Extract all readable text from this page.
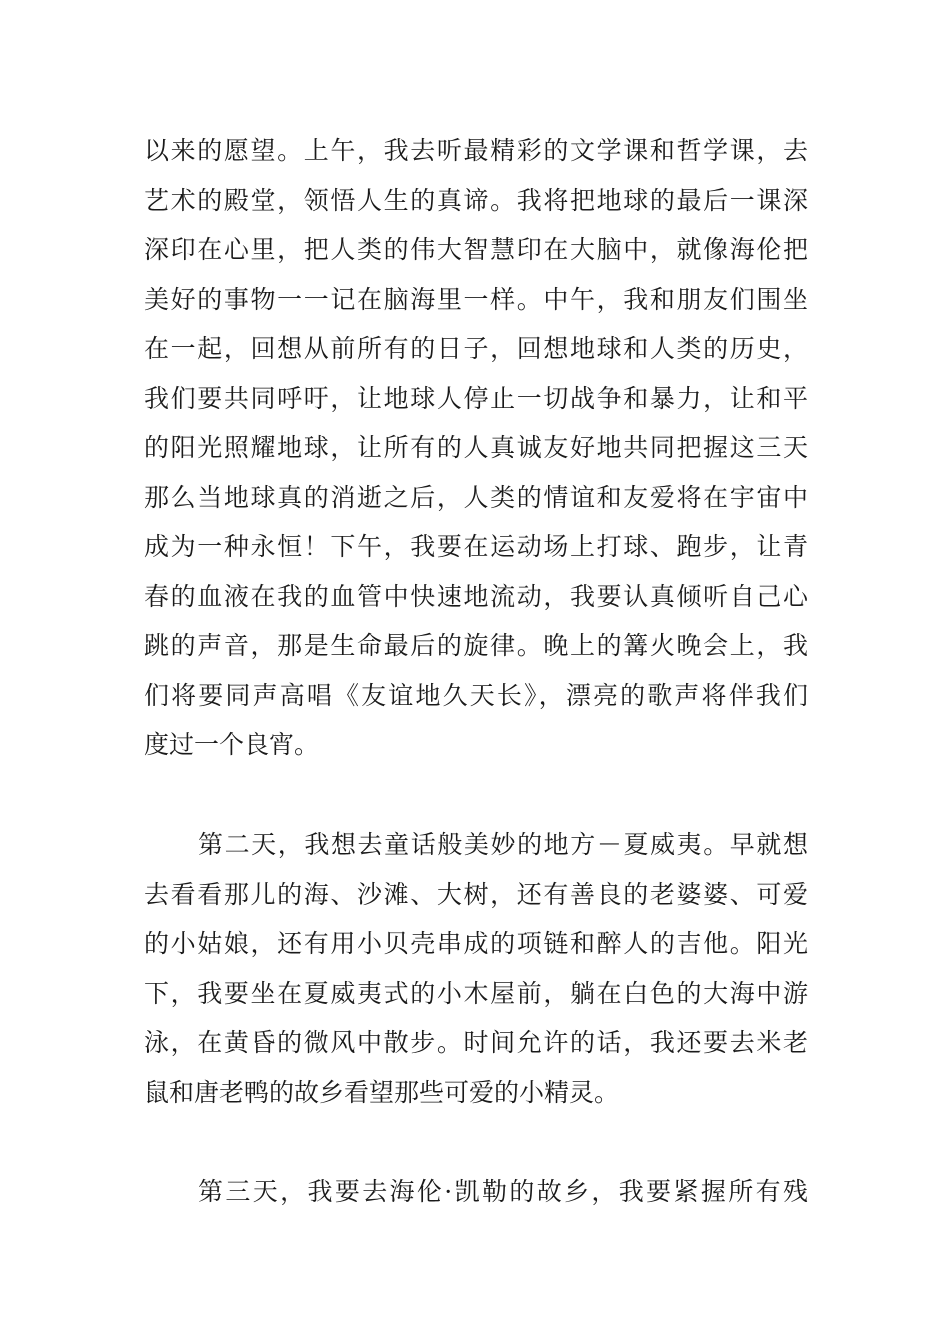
以来的愿望。上午，我去听最精彩的文学课和哲学课，去
艺术的殿堂，领悟人生的真谛。我将把地球的最后一课深
深印在心里，把人类的伟大智慧印在大脑中，就像海伦把
美好的事物一一记在脑海里一样。中午，我和朋友们围坐
在一起，回想从前所有的日子，回想地球和人类的历史，
我们要共同呼吁，让地球人停止一切战争和暴力，让和平
的阳光照耀地球，让所有的人真诚友好地共同把握这三天
那么当地球真的消逝之后，人类的情谊和友爱将在宇宙中
成为一种永恒！下午，我要在运动场上打球、跑步，让青
春的血液在我的血管中快速地流动，我要认真倾听自己心
跳的声音，那是生命最后的旋律。晚上的篝火晚会上，我
们将要同声高唱《友谊地久天长》，漂亮的歌声将伴我们
度过一个良宵。
第二天，我想去童话般美妙的地方－夏威夷。早就想
去看看那儿的海、沙滩、大树，还有善良的老婆婆、可爱
的小姑娘，还有用小贝壳串成的项链和醉人的吉他。阳光
下，我要坐在夏威夷式的小木屋前，躺在白色的大海中游
泳，在黄昏的微风中散步。时间允许的话，我还要去米老
鼠和唐老鸭的故乡看望那些可爱的小精灵。
第三天，我要去海伦·凯勒的故乡，我要紧握所有残
